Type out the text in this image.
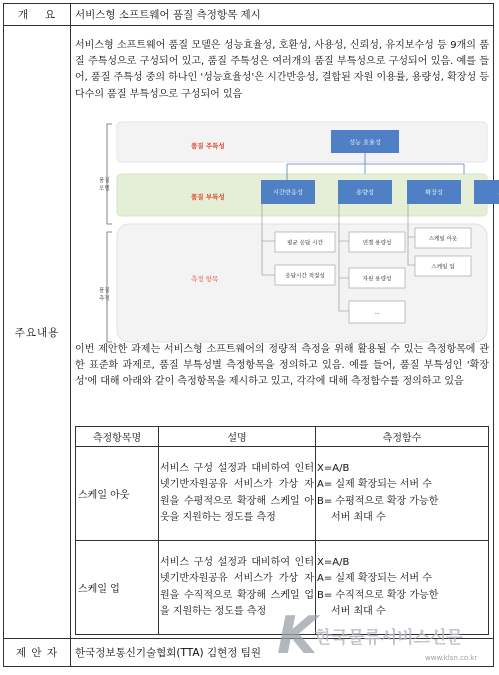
개　 요	서비스형 소프트웨어 품질 측정항목 제시
주요내용

서비스형 소프트웨어 품질 모델은 성능효율성, 호환성, 사용성, 신뢰성, 유지보수성 등 9개의 품질 주특성으로 구성되어 있고, 품질 주특성은 여러개의 품질 부특성으로 구성되어 있음. 예를 들어, 품질 주특성 중의 하나인 '성능효율성'은 시간반응성, 결합된 자원 이용률, 용량성, 확장성 등 다수의 품질 부특성으로 구성되어 있음

품질 모델
품질 측정
품질 주특성
품질 부특성
측정 항목
성능 효율성
시간반응성	용량성	확장성
평균 응답 시간
응답시간 적절성
연결 용량성
자원 용량성
...
스케일 아웃
스케일 업

이번 제안한 과제는 서비스형 소프트웨어의 정량적 측정을 위해 활용될 수 있는 측정항목에 관한 표준화 과제로, 품질 부특성별 측정항목을 정의하고 있음. 예를 들어, 품질 부특성인 '확장성'에 대해 아래와 같이 측정항목을 제시하고 있고, 각각에 대해 측정함수를 정의하고 있음

측정항목명	설명	측정함수
스케일 아웃	서비스 구성 설정과 대비하여 인터넷기반자원공유 서비스가 가상 자원을 수평적으로 확장해 스케일 아웃을 지원하는 정도를 측정	X=A/B
A= 실제 확장되는 서버 수
B= 수평적으로 확장 가능한
서버 최대 수

스케일 업	서비스 구성 설정과 대비하여 인터넷기반자원공유 서비스가 가상 자원을 수직적으로 확장해 스케일 업을 지원하는 정도를 측정	X=A/B
A= 실제 확장되는 서버 수
B= 수직적으로 확장 가능한
서버 최대 수
제 안 자	한국정보통신기술협회(TTA) 김현정 팀원 K
한국물류서비스신문
www.klsn.co.kr
